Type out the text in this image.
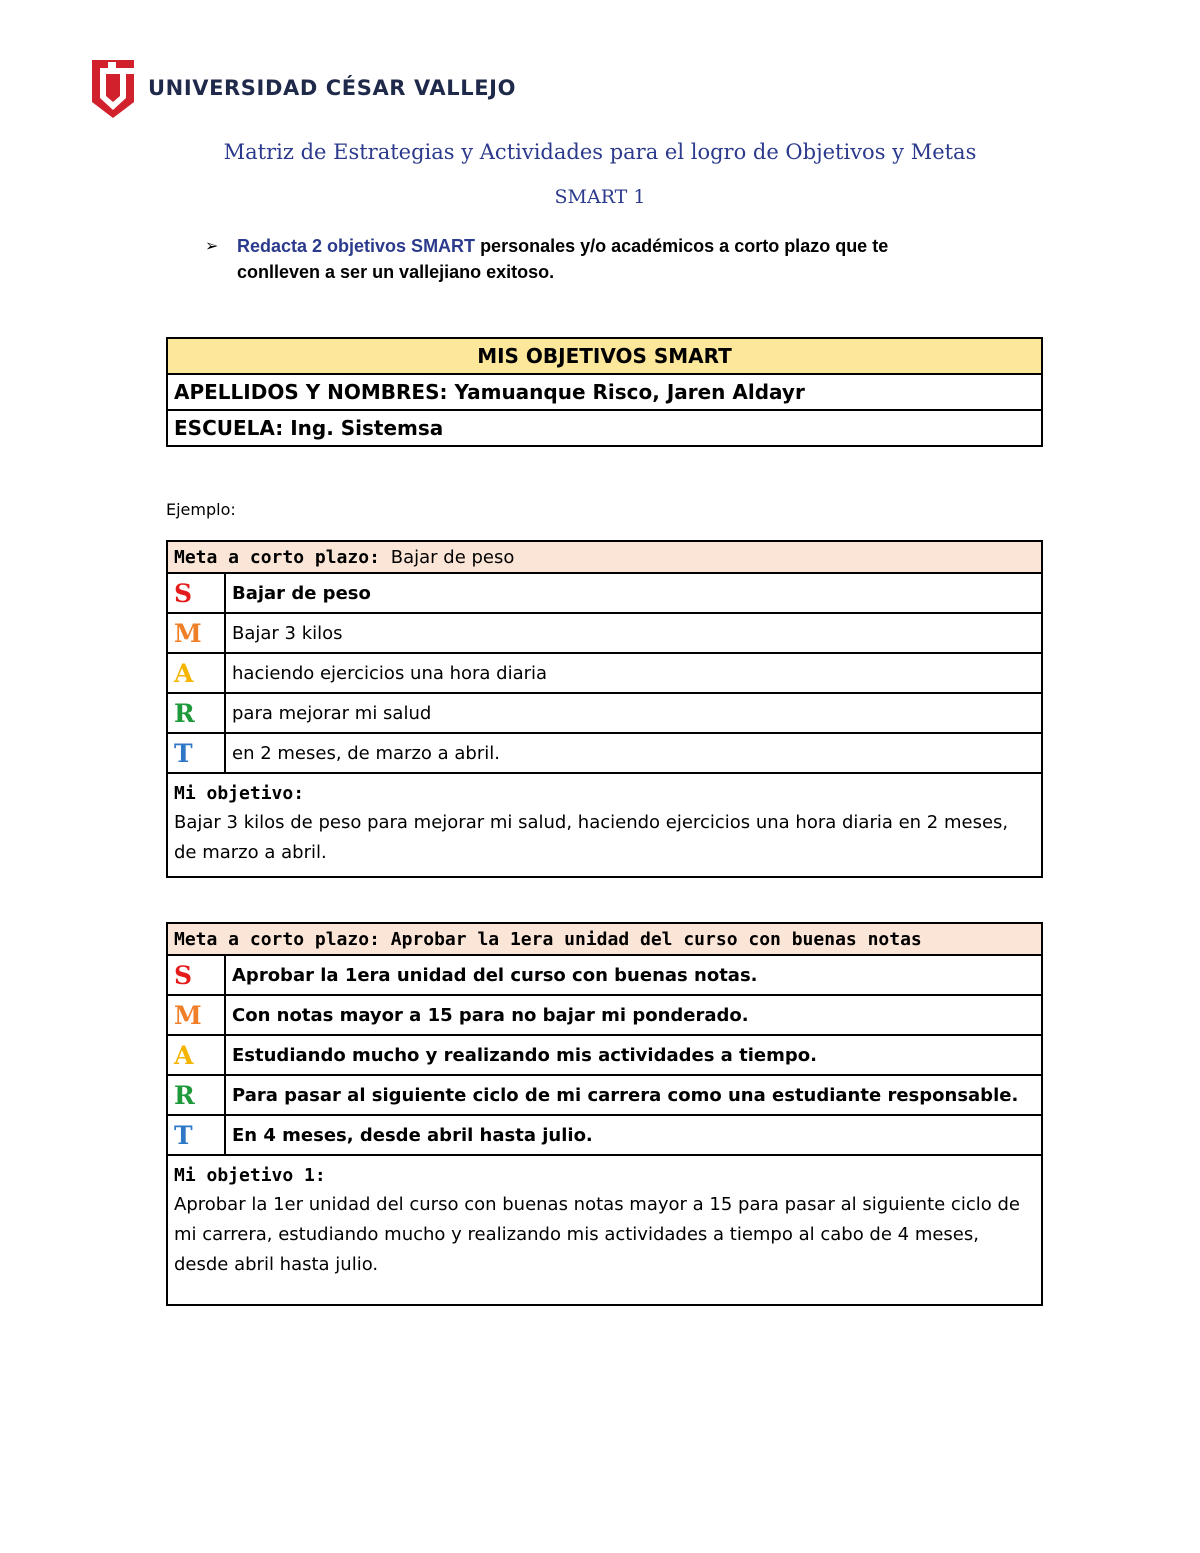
UNIVERSIDAD CÉSAR VALLEJO
Matriz de Estrategias y Actividades para el logro de Objetivos y Metas
SMART 1
➢	Redacta 2 objetivos SMART personales y/o académicos a corto plazo que te
conlleven a ser un vallejiano exitoso.
MIS OBJETIVOS SMART
APELLIDOS Y NOMBRES: Yamuanque Risco, Jaren Aldayr
ESCUELA: Ing. Sistemsa
Ejemplo:
Meta a corto plazo: Bajar de peso	
S	Bajar de peso
M	Bajar 3 kilos
A	haciendo ejercicios una hora diaria
R	para mejorar mi salud
T	en 2 meses, de marzo a abril.

Mi objetivo:
Bajar 3 kilos de peso para mejorar mi salud, haciendo ejercicios una hora diaria en 2 meses, de marzo a abril.	
Meta a corto plazo: Aprobar la 1era unidad del curso con buenas notas	
S	Aprobar la 1era unidad del curso con buenas notas.
M	Con notas mayor a 15 para no bajar mi ponderado.
A	Estudiando mucho y realizando mis actividades a tiempo.
R	Para pasar al siguiente ciclo de mi carrera como una estudiante responsable.
T	En 4 meses, desde abril hasta julio.

Mi objetivo 1:
Aprobar la 1er unidad del curso con buenas notas mayor a 15 para pasar al siguiente ciclo de mi carrera, estudiando mucho y realizando mis actividades a tiempo al cabo de 4 meses, desde abril hasta julio.	
